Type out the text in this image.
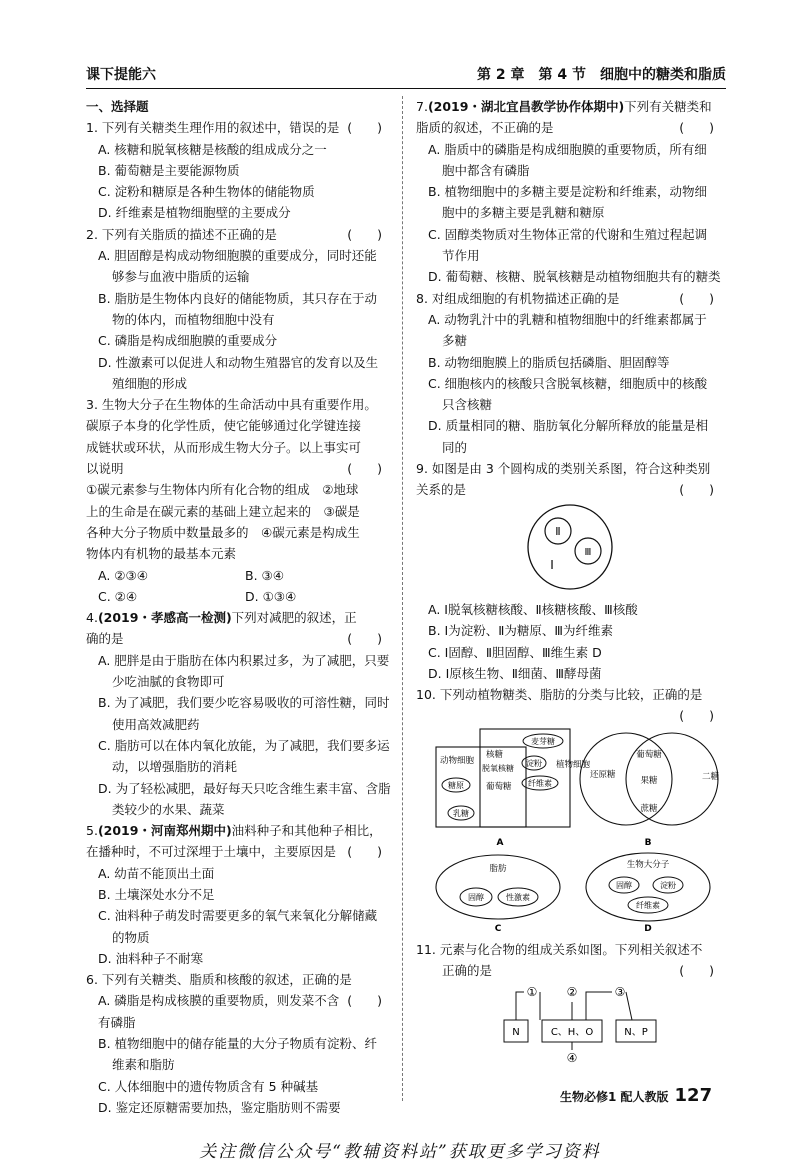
课下提能六	第 2 章　第 4 节　细胞中的糖类和脂质
一、选择题
1. 下列有关糖类生理作用的叙述中，错误的是 (　　)
A. 核糖和脱氧核糖是核酸的组成成分之一
B. 葡萄糖是主要能源物质
C. 淀粉和糖原是各种生物体的储能物质
D. 纤维素是植物细胞壁的主要成分
2. 下列有关脂质的描述不正确的是	(　　)
A. 胆固醇是构成动物细胞膜的重要成分，同时还能
够参与血液中脂质的运输
B. 脂肪是生物体内良好的储能物质，其只存在于动
物的体内，而植物细胞中没有
C. 磷脂是构成细胞膜的重要成分
D. 性激素可以促进人和动物生殖器官的发育以及生
殖细胞的形成
3. 生物大分子在生物体的生命活动中具有重要作用。
碳原子本身的化学性质，使它能够通过化学键连接
成链状或环状，从而形成生物大分子。以上事实可
以说明	(　　)
①碳元素参与生物体内所有化合物的组成　②地球
上的生命是在碳元素的基础上建立起来的　③碳是
各种大分子物质中数量最多的　④碳元素是构成生
物体内有机物的最基本元素
A. ②③④	B. ③④
C. ②④	D. ①③④
4.(2019・孝感高一检测)下列对减肥的叙述，正
确的是	(　　)
A. 肥胖是由于脂肪在体内积累过多，为了减肥，只要
少吃油腻的食物即可
B. 为了减肥，我们要少吃容易吸收的可溶性糖，同时
使用高效减肥药
C. 脂肪可以在体内氧化放能，为了减肥，我们要多运
动，以增强脂肪的消耗
D. 为了轻松减肥，最好每天只吃含维生素丰富、含脂
类较少的水果、蔬菜
5.(2019・河南郑州期中)油料种子和其他种子相比，
在播种时，不可过深埋于土壤中，主要原因是 (　　)
A. 幼苗不能顶出土面
B. 土壤深处水分不足
C. 油料种子萌发时需要更多的氧气来氧化分解储藏
的物质
D. 油料种子不耐寒
6. 下列有关糖类、脂质和核酸的叙述，正确的是
(　　)
A. 磷脂是构成核膜的重要物质，则发菜不含有磷脂
B. 植物细胞中的储存能量的大分子物质有淀粉、纤
维素和脂肪
C. 人体细胞中的遗传物质含有 5 种碱基
D. 鉴定还原糖需要加热，鉴定脂肪则不需要
7.(2019・湖北宜昌教学协作体期中)下列有关糖类和
脂质的叙述，不正确的是	(　　)
A. 脂质中的磷脂是构成细胞膜的重要物质，所有细
胞中都含有磷脂
B. 植物细胞中的多糖主要是淀粉和纤维素，动物细
胞中的多糖主要是乳糖和糖原
C. 固醇类物质对生物体正常的代谢和生殖过程起调
节作用
D. 葡萄糖、核糖、脱氧核糖是动植物细胞共有的糖类
8. 对组成细胞的有机物描述正确的是	(　　)
A. 动物乳汁中的乳糖和植物细胞中的纤维素都属于
多糖
B. 动物细胞膜上的脂质包括磷脂、胆固醇等
C. 细胞核内的核酸只含脱氧核糖，细胞质中的核酸
只含核糖
D. 质量相同的糖、脂肪氧化分解所释放的能量是相
同的
9. 如图是由 3 个圆构成的类别关系图，符合这种类别
关系的是	(　　)
Ⅱ
Ⅲ
Ⅰ
A. Ⅰ脱氧核糖核酸、Ⅱ核糖核酸、Ⅲ核酸
B. Ⅰ为淀粉、Ⅱ为糖原、Ⅲ为纤维素
C. Ⅰ固醇、Ⅱ胆固醇、Ⅲ维生素 D
D. Ⅰ原核生物、Ⅱ细菌、Ⅲ酵母菌
10. 下列动植物糖类、脂肪的分类与比较，正确的是
(　　)
动物细胞
核糖
脱氧核糖
糖原	葡萄糖
乳糖
麦芽糖
淀粉
纤维素
植物细胞
A
还原糖
葡萄糖
果糖
蔗糖
二糖
B
脂肪
固醇	性激素
C
生物大分子
固醇	淀粉
纤维素
D
11. 元素与化合物的组成关系如图。下列相关叙述不
正确的是	(　　)
① ②	③
N	C、H、O	N、P
④
生物必修1 配人教版 127
关注微信公众号“教辅资料站”获取更多学习资料
